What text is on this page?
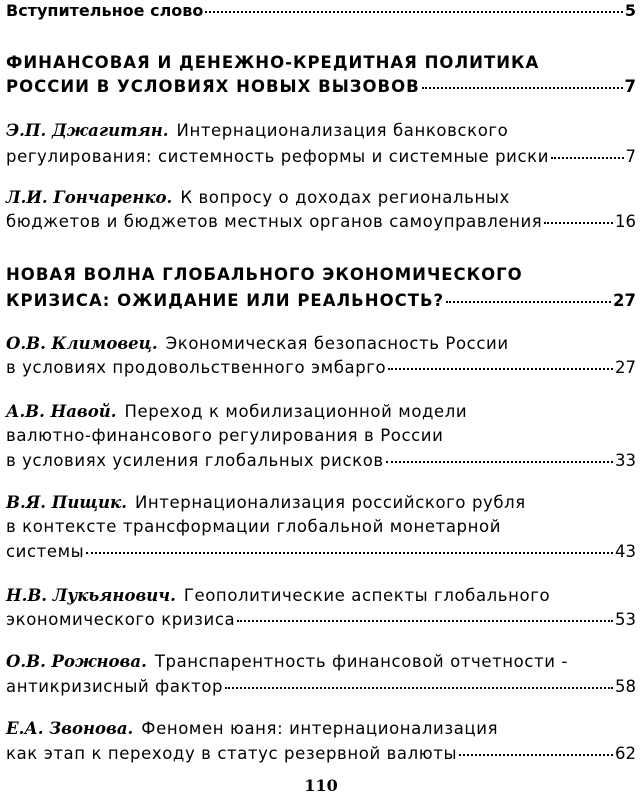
Вступительное слово	5
ФИНАНСОВАЯ И ДЕНЕЖНО-КРЕДИТНАЯ ПОЛИТИКА
РОССИИ В УСЛОВИЯХ НОВЫХ ВЫЗОВОВ	7
Э.П. Джагитян. Интернационализация банковского
регулирования: системность реформы и системные риски	7
Л.И. Гончаренко. К вопросу о доходах региональных
бюджетов и бюджетов местных органов самоуправления	16
НОВАЯ ВОЛНА ГЛОБАЛЬНОГО ЭКОНОМИЧЕСКОГО
КРИЗИСА: ОЖИДАНИЕ ИЛИ РЕАЛЬНОСТЬ?	27
О.В. Климовец. Экономическая безопасность России
в условиях продовольственного эмбарго	27
А.В. Навой. Переход к мобилизационной модели
валютно-финансового регулирования в России
в условиях усиления глобальных рисков	33
В.Я. Пищик. Интернационализация российского рубля
в контексте трансформации глобальной монетарной
системы	43
Н.В. Лукьянович. Геополитические аспекты глобального
экономического кризиса	53
О.В. Рожнова. Транспарентность финансовой отчетности -
антикризисный фактор	58
Е.А. Звонова. Феномен юаня: интернационализация
как этап к переходу в статус резервной валюты	62
110
